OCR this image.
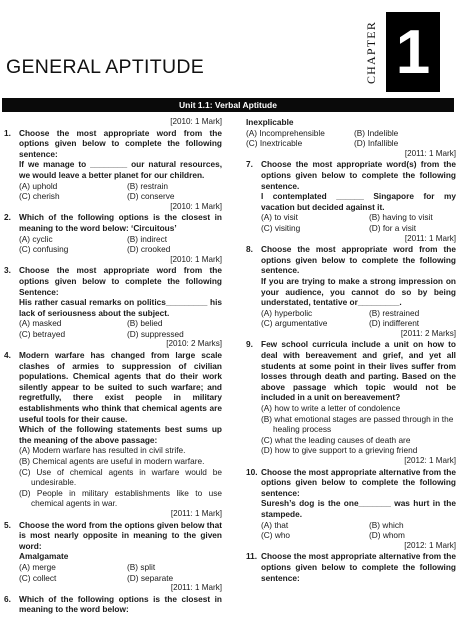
GENERAL APTITUDE	CHAPTER 1
Unit 1.1: Verbal Aptitude
[2010: 1 Mark]
1. Choose the most appropriate word from the options given below to complete the following sentence:
If we manage to ________ our natural resources, we would leave a better planet for our children.
(A) uphold	(B) restrain
(C) cherish	(D) conserve
[2010: 1 Mark]
2. Which of the following options is the closest in meaning to the word below: ‘Circuitous’
(A) cyclic	(B) indirect
(C) confusing	(D) crooked
[2010: 1 Mark]
3. Choose the most appropriate word from the options given below to complete the following Sentence:
His rather casual remarks on politics_________ his lack of seriousness about the subject.
(A) masked	(B) belied
(C) betrayed	(D) suppressed
[2010: 2 Marks]
4. Modern warfare has changed from large scale clashes of armies to suppression of civilian populations. Chemical agents that do their work silently appear to be suited to such warfare; and regretfully, there exist people in military establishments who think that chemical agents are useful tools for their cause.
Which of the following statements best sums up the meaning of the above passage:
(A) Modern warfare has resulted in civil strife.
(B) Chemical agents are useful in modern warfare.
(C) Use of chemical agents in warfare would be
undesirable.
(D) People in military establishments like to use
chemical agents in war.
[2011: 1 Mark]
5. Choose the word from the options given below that is most nearly opposite in meaning to the given word:
Amalgamate
(A) merge	(B) split
(C) collect	(D) separate
[2011: 1 Mark]
6. Which of the following options is the closest in meaning to the word below:
Inexplicable
(A) Incomprehensible	(B) Indelible
(C) Inextricable	(D) Infallible
[2011: 1 Mark]
7. Choose the most appropriate word(s) from the options given below to complete the following sentence.
I contemplated ______ Singapore for my vacation but decided against it.
(A) to visit	(B) having to visit
(C) visiting	(D) for a visit
[2011: 1 Mark]
8. Choose the most appropriate word from the options given below to complete the following sentence.
If you are trying to make a strong impression on your audience, you cannot do so by being understated, tentative or_________.
(A) hyperbolic	(B) restrained
(C) argumentative	(D) indifferent
[2011: 2 Marks]
9. Few school curricula include a unit on how to deal with bereavement and grief, and yet all students at some point in their lives suffer from losses through death and parting. Based on the above passage which topic would not be included in a unit on bereavement?
(A) how to write a letter of condolence
(B) what emotional stages are passed through in the
healing process
(C) what the leading causes of death are
(D) how to give support to a grieving friend
[2012: 1 Mark]
10. Choose the most appropriate alternative from the options given below to complete the following sentence:
Suresh’s dog is the one_______ was hurt in the stampede.
(A) that	(B) which
(C) who	(D) whom
[2012: 1 Mark]
11. Choose the most appropriate alternative from the options given below to complete the following sentence:
